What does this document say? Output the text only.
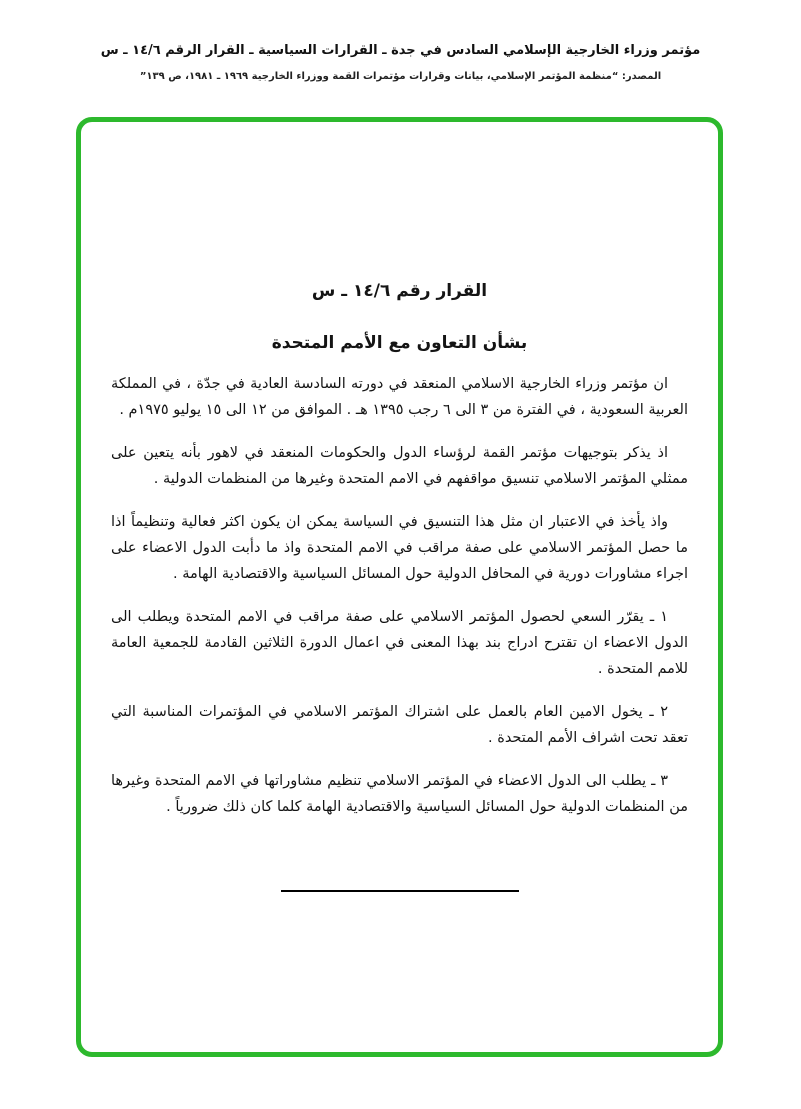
مؤتمر وزراء الخارجية الإسلامي السادس في جدة ـ القرارات السياسية ـ القرار الرقم ١٤/٦ ـ س
المصدر: “منظمة المؤتمر الإسلامي، بيانات وقرارات مؤتمرات القمة ووزراء الخارجية ١٩٦٩ ـ ١٩٨١، ص ١٣٩”
القرار رقم ١٤/٦ ـ س
بشأن التعاون مع الأمم المتحدة

ان مؤتمر وزراء الخارجية الاسلامي المنعقد في دورته السادسة العادية في جدّة ، في المملكة العربية السعودية ، في الفترة من ٣ الى ٦ رجب ١٣٩٥ هـ . الموافق من ١٢ الى ١٥ يوليو ١٩٧٥م .

اذ يذكر بتوجيهات مؤتمر القمة لرؤساء الدول والحكومات المنعقد في لاهور بأنه يتعين على ممثلي المؤتمر الاسلامي تنسيق مواقفهم في الامم المتحدة وغيرها من المنظمات الدولية .

واذ يأخذ في الاعتبار ان مثل هذا التنسيق في السياسة يمكن ان يكون اكثر فعالية وتنظيماً اذا ما حصل المؤتمر الاسلامي على صفة مراقب في الامم المتحدة واذ ما دأبت الدول الاعضاء على اجراء مشاورات دورية في المحافل الدولية حول المسائل السياسية والاقتصادية الهامة .

١ ـ يقرّر السعي لحصول المؤتمر الاسلامي على صفة مراقب في الامم المتحدة ويطلب الى الدول الاعضاء ان تقترح ادراج بند بهذا المعنى في اعمال الدورة الثلاثين القادمة للجمعية العامة للامم المتحدة .

٢ ـ يخول الامين العام بالعمل على اشتراك المؤتمر الاسلامي في المؤتمرات المناسبة التي تعقد تحت اشراف الأمم المتحدة .

٣ ـ يطلب الى الدول الاعضاء في المؤتمر الاسلامي تنظيم مشاوراتها في الامم المتحدة وغيرها من المنظمات الدولية حول المسائل السياسية والاقتصادية الهامة كلما كان ذلك ضرورياً .
